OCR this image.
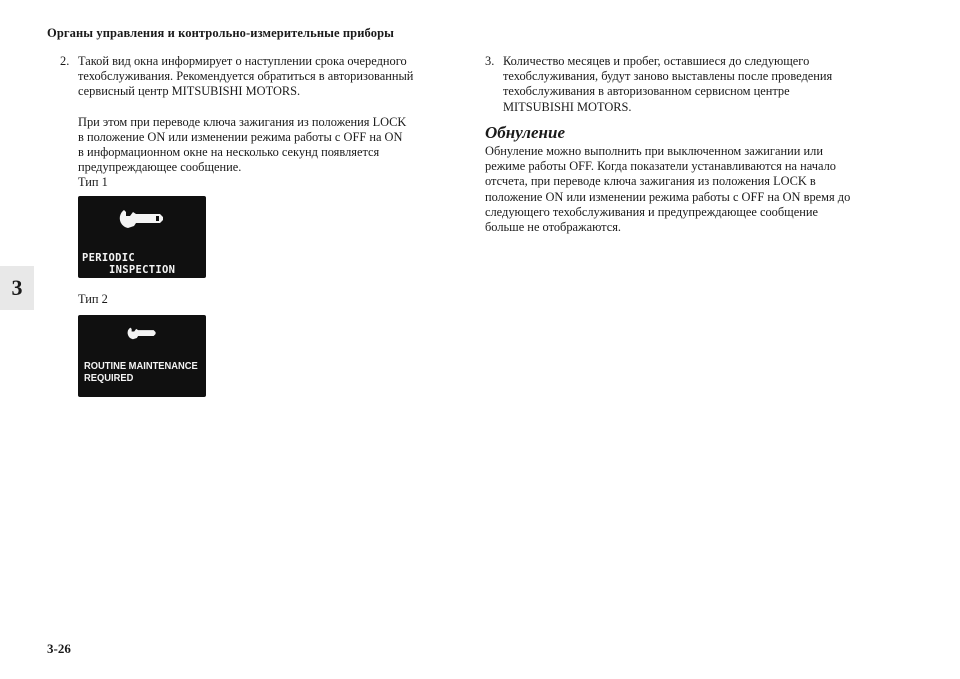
Органы управления и контрольно-измерительные приборы
3
2. Такой вид окна информирует о наступлении срока очередного
техобслуживания. Рекомендуется обратиться в авторизованный
сервисный центр MITSUBISHI MOTORS.

При этом при переводе ключа зажигания из положения LOCK

в положение ON или изменении режима работы с OFF на ON

в информационном окне на несколько секунд появляется

предупреждающее сообщение.

Тип 1
PERIODIC
INSPECTION
Тип 2
ROUTINE MAINTENANCE
REQUIRED
3. Количество месяцев и пробег, оставшиеся до следующего
техобслуживания, будут заново выставлены после проведения
техобслуживания в авторизованном сервисном центре
MITSUBISHI MOTORS.
Обнуление

Обнуление можно выполнить при выключенном зажигании или

режиме работы OFF. Когда показатели устанавливаются на начало

отсчета, при переводе ключа зажигания из положения LOCK в

положение ON или изменении режима работы с OFF на ON время до

следующего техобслуживания и предупреждающее сообщение

больше не отображаются.

3-26
